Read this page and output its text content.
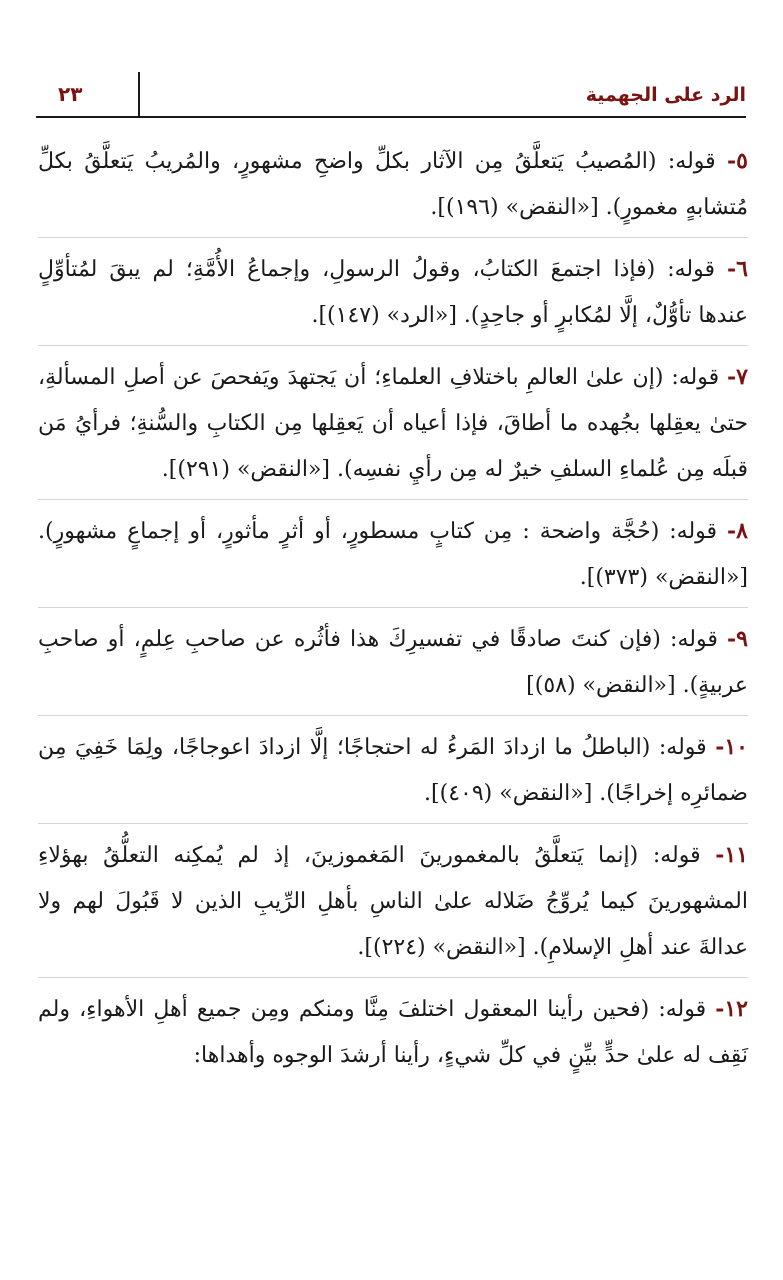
الرد على الجهمية
٢٣

٥- قوله: (المُصيبُ يَتعلَّقُ مِن الآثار بكلِّ واضحِ مشهورٍ، والمُريبُ يَتعلَّقُ بكلِّ مُتشابهٍ مغمورٍ). [«النقض» (١٩٦)].

٦- قوله: (فإذا اجتمعَ الكتابُ، وقولُ الرسولِ، وإجماعُ الأُمَّةِ؛ لم يبقَ لمُتأوِّلٍ عندها تأوُّلٌ، إلَّا لمُكابرٍ أو جاحِدٍ). [«الرد» (١٤٧)].

٧- قوله: (إن علىٰ العالمِ باختلافِ العلماءِ؛ أن يَجتهدَ ويَفحصَ عن أصلِ المسألةِ، حتىٰ يعقِلها بجُهده ما أطاقَ، فإذا أعياه أن يَعقِلها مِن الكتابِ والسُّنةِ؛ فرأيُ مَن قبلَه مِن عُلماءِ السلفِ خيرٌ له مِن رأيِ نفسِه). [«النقض» (٢٩١)].

٨- قوله: (حُجَّة واضحة : مِن كتابٍ مسطورٍ، أو أثرٍ مأثورٍ، أو إجماعٍ مشهورٍ). [«النقض» (٣٧٣)].

٩- قوله: (فإن كنتَ صادقًا في تفسيرِكَ هذا فأثُره عن صاحبِ عِلمٍ، أو صاحبِ عربيةٍ). [«النقض» (٥٨)]

١٠- قوله: (الباطلُ ما ازدادَ المَرءُ له احتجاجًا؛ إلَّا ازدادَ اعوجاجًا، ولِمَا خَفِيَ مِن ضمائرِه إخراجًا). [«النقض» (٤٠٩)].

١١- قوله: (إنما يَتعلَّقُ بالمغمورينَ المَغموزينَ، إذ لم يُمكِنه التعلُّقُ بهؤلاءِ المشهورينَ كيما يُروِّجُ ضَلاله علىٰ الناسِ بأهلِ الرِّيبِ الذين لا قَبُولَ لهم ولا عدالةَ عند أهلِ الإسلامِ). [«النقض» (٢٢٤)].

١٢- قوله: (فحين رأينا المعقول اختلفَ مِنَّا ومنكم ومِن جميع أهلِ الأهواءِ، ولم نَقِف له علىٰ حدٍّ بيِّنٍ في كلِّ شيءٍ، رأينا أرشدَ الوجوه وأهداها:
